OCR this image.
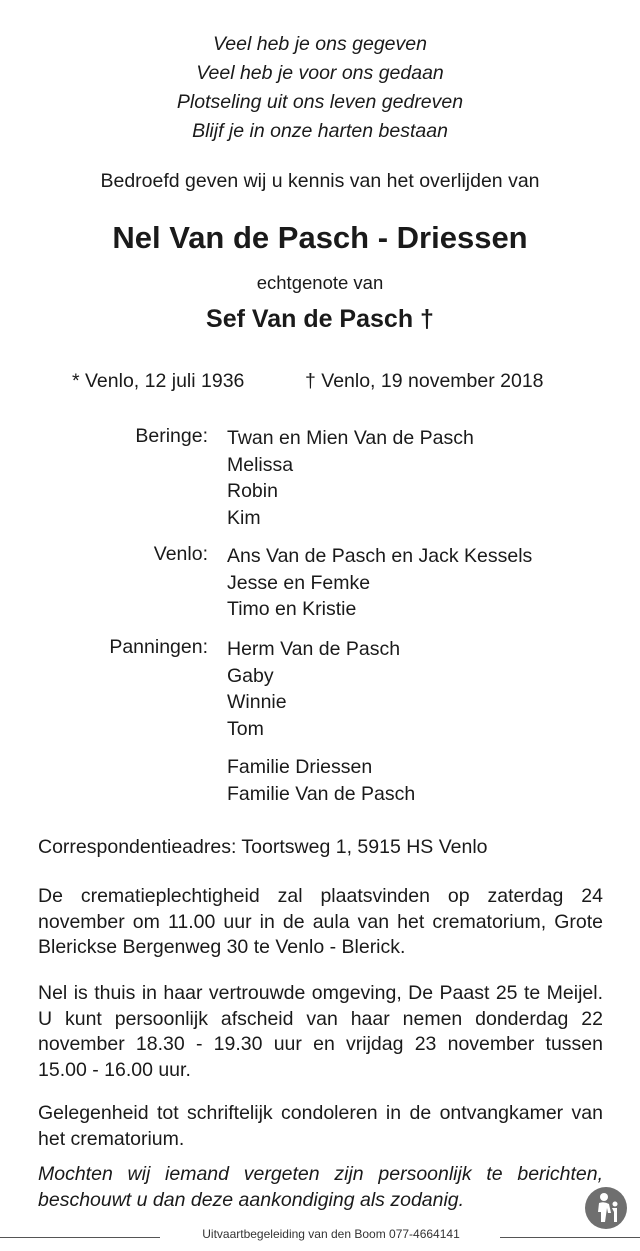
Veel heb je ons gegeven
Veel heb je voor ons gedaan
Plotseling uit ons leven gedreven
Blijf je in onze harten bestaan
Bedroefd geven wij u kennis van het overlijden van
Nel Van de Pasch - Driessen
echtgenote van
Sef Van de Pasch †
* Venlo, 12 juli 1936	† Venlo, 19 november 2018
Beringe: Twan en Mien Van de Pasch
Melissa
Robin
Kim
Venlo: Ans Van de Pasch en Jack Kessels
Jesse en Femke
Timo en Kristie
Panningen: Herm Van de Pasch
Gaby
Winnie
Tom
Familie Driessen
Familie Van de Pasch
Correspondentieadres: Toortsweg 1, 5915 HS Venlo
De crematieplechtigheid zal plaatsvinden op zaterdag 24 november om 11.00 uur in de aula van het crematorium, Grote Blerickse Bergenweg 30 te Venlo - Blerick.
Nel is thuis in haar vertrouwde omgeving, De Paast 25 te Meijel. U kunt persoonlijk afscheid van haar nemen donderdag 22 november 18.30 - 19.30 uur en vrijdag 23 november tussen 15.00 - 16.00 uur.
Gelegenheid tot schriftelijk condoleren in de ontvangkamer van het crematorium.
Mochten wij iemand vergeten zijn persoonlijk te berichten, beschouwt u dan deze aankondiging als zodanig.
Uitvaartbegeleiding van den Boom 077-4664141
